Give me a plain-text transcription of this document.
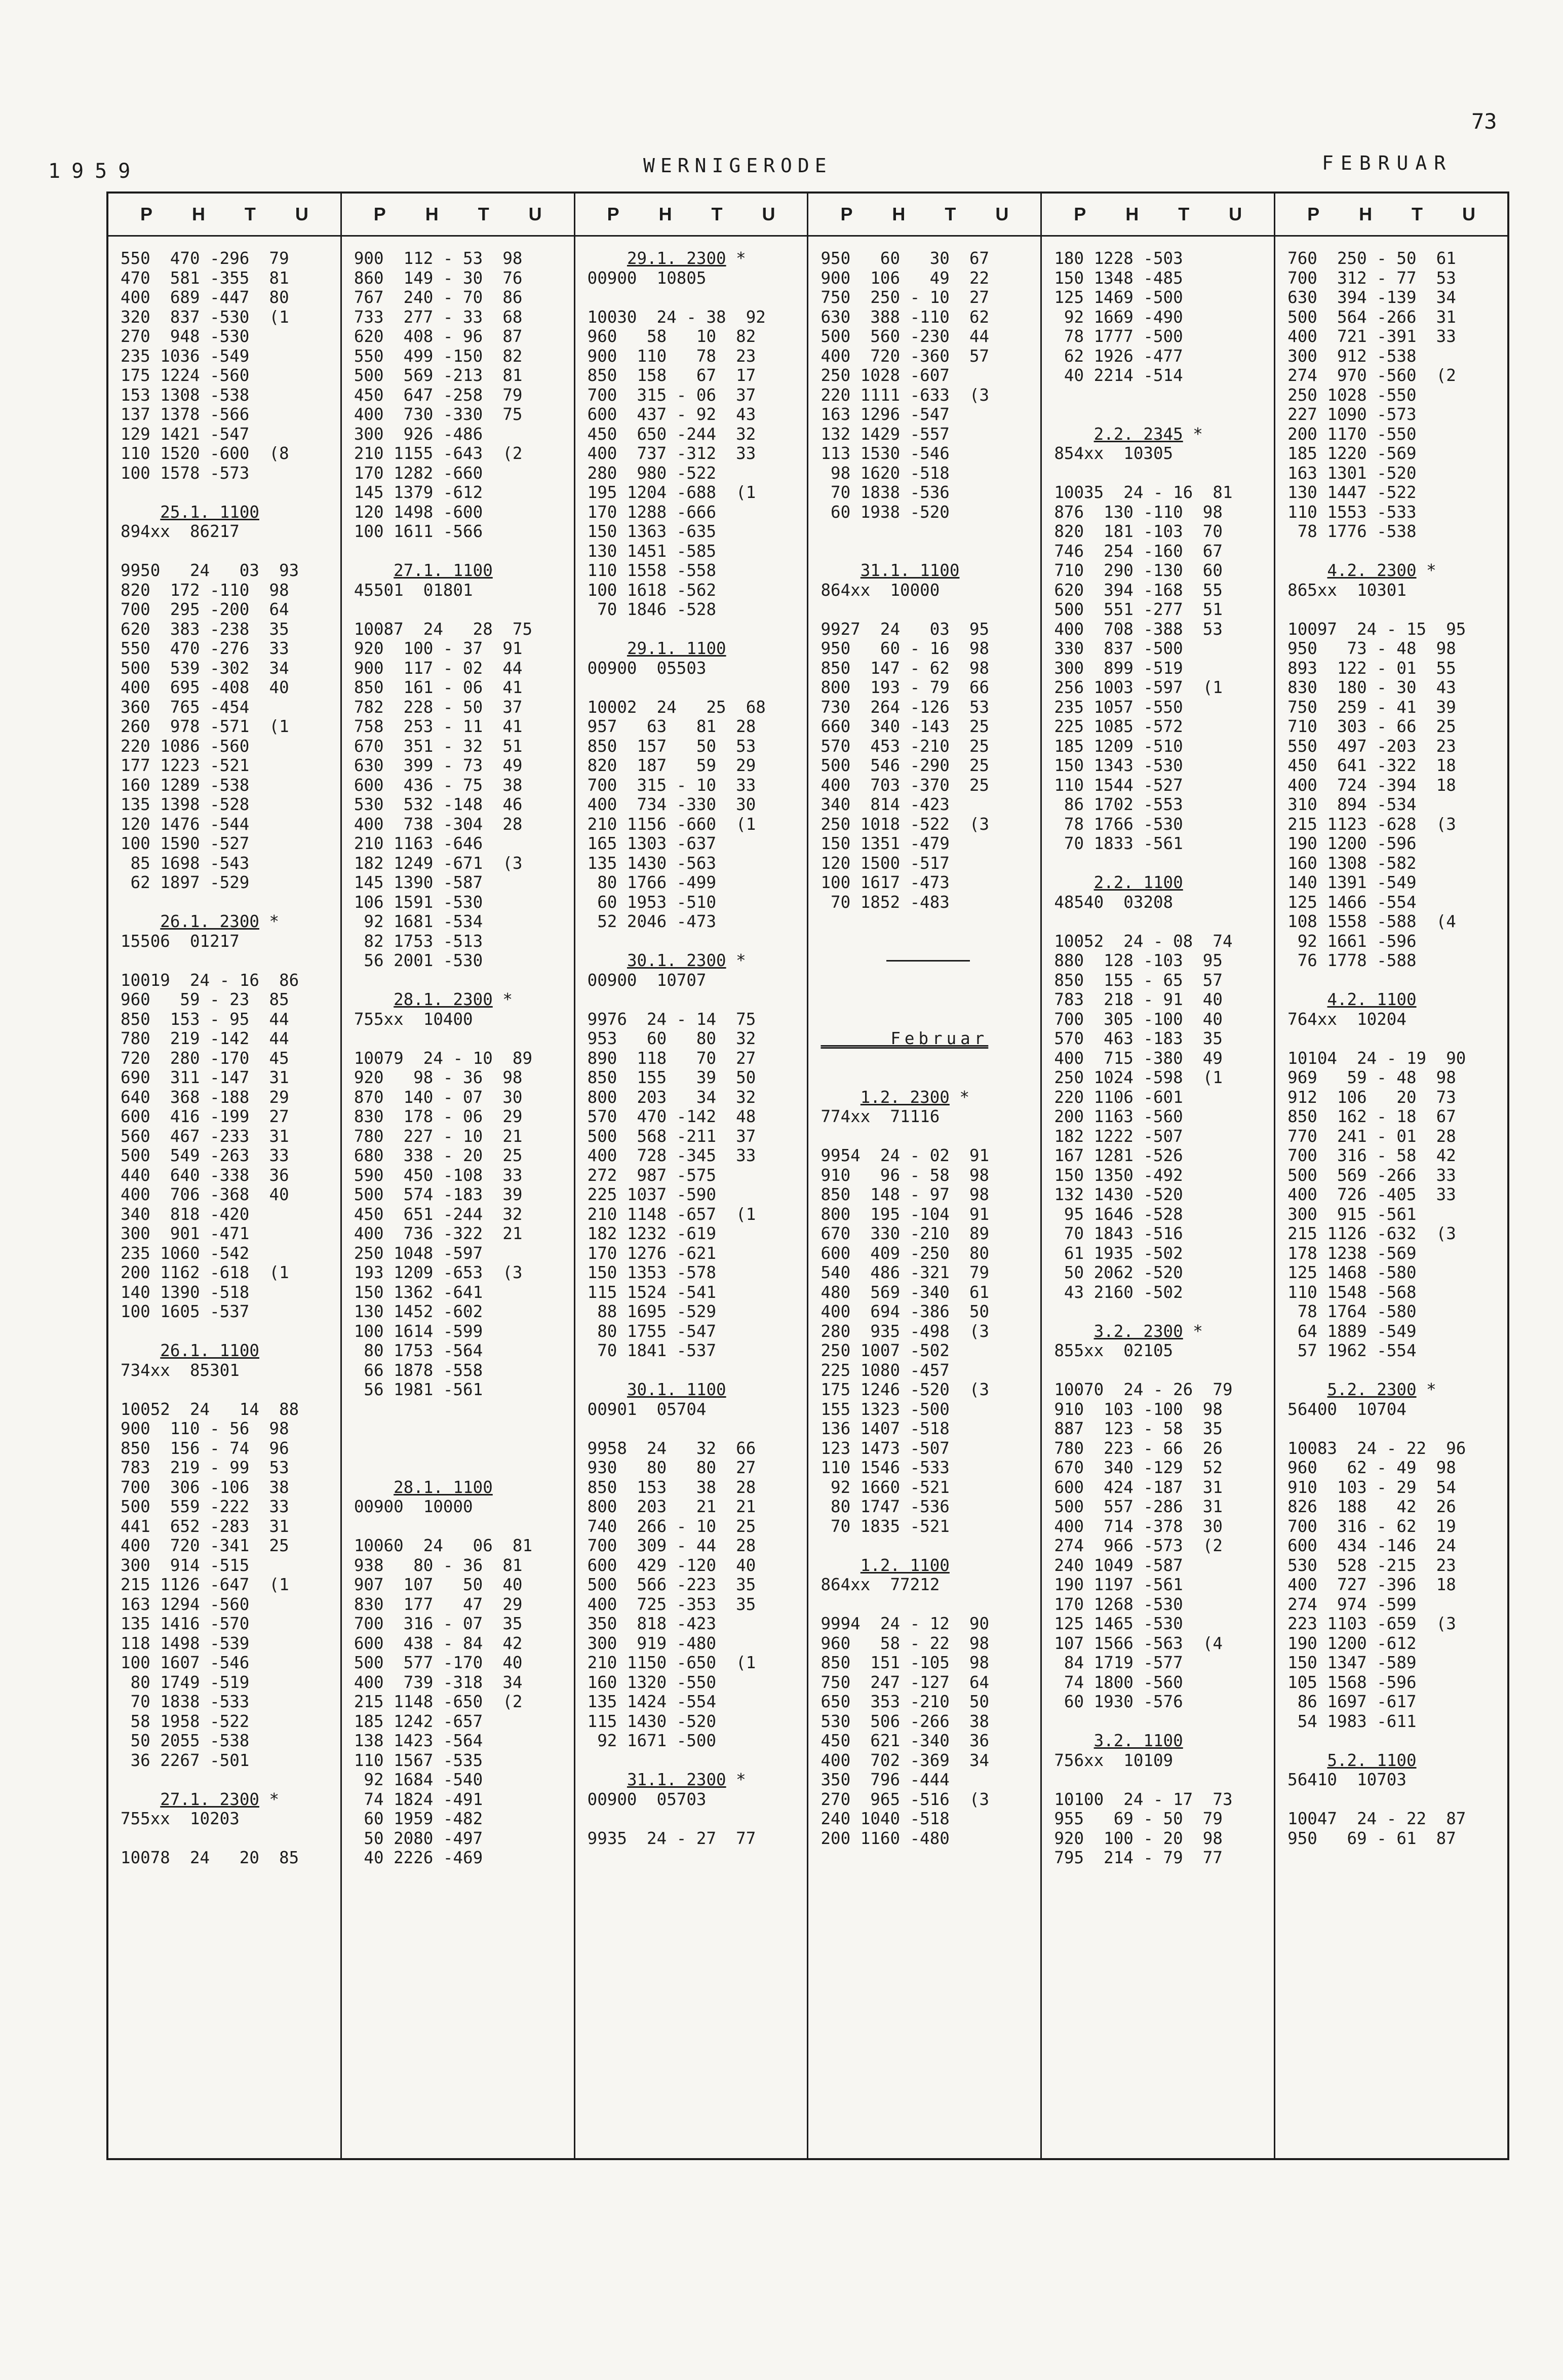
73
1959	WERNIGERODE	FEBRUAR
P H T U
550  470 -296  79
470  581 -355  81
400  689 -447  80
320  837 -530  (1
270  948 -530
235 1036 -549
175 1224 -560
153 1308 -538
137 1378 -566
129 1421 -547
110 1520 -600  (8
100 1578 -573
25.1. 1100
894xx  86217
9950   24   03  93
820  172 -110  98
700  295 -200  64
620  383 -238  35
550  470 -276  33
500  539 -302  34
400  695 -408  40
360  765 -454
260  978 -571  (1
220 1086 -560
177 1223 -521
160 1289 -538
135 1398 -528
120 1476 -544
100 1590 -527
85 1698 -543
62 1897 -529
26.1. 2300 *
15506  01217
10019  24 - 16  86
960   59 - 23  85
850  153 - 95  44
780  219 -142  44
720  280 -170  45
690  311 -147  31
640  368 -188  29
600  416 -199  27
560  467 -233  31
500  549 -263  33
440  640 -338  36
400  706 -368  40
340  818 -420
300  901 -471
235 1060 -542
200 1162 -618  (1
140 1390 -518
100 1605 -537
26.1. 1100
734xx  85301
10052  24   14  88
900  110 - 56  98
850  156 - 74  96
783  219 - 99  53
700  306 -106  38
500  559 -222  33
441  652 -283  31
400  720 -341  25
300  914 -515
215 1126 -647  (1
163 1294 -560
135 1416 -570
118 1498 -539
100 1607 -546
80 1749 -519
70 1838 -533
58 1958 -522
50 2055 -538
36 2267 -501
27.1. 2300 *
755xx  10203
10078  24   20  85
P H T U
900  112 - 53  98
860  149 - 30  76
767  240 - 70  86
733  277 - 33  68
620  408 - 96  87
550  499 -150  82
500  569 -213  81
450  647 -258  79
400  730 -330  75
300  926 -486
210 1155 -643  (2
170 1282 -660
145 1379 -612
120 1498 -600
100 1611 -566
27.1. 1100
45501  01801
10087  24   28  75
920  100 - 37  91
900  117 - 02  44
850  161 - 06  41
782  228 - 50  37
758  253 - 11  41
670  351 - 32  51
630  399 - 73  49
600  436 - 75  38
530  532 -148  46
400  738 -304  28
210 1163 -646
182 1249 -671  (3
145 1390 -587
106 1591 -530
92 1681 -534
82 1753 -513
56 2001 -530
28.1. 2300 *
755xx  10400
10079  24 - 10  89
920   98 - 36  98
870  140 - 07  30
830  178 - 06  29
780  227 - 10  21
680  338 - 20  25
590  450 -108  33
500  574 -183  39
450  651 -244  32
400  736 -322  21
250 1048 -597
193 1209 -653  (3
150 1362 -641
130 1452 -602
100 1614 -599
80 1753 -564
66 1878 -558
56 1981 -561
28.1. 1100
00900  10000
10060  24   06  81
938   80 - 36  81
907  107   50  40
830  177   47  29
700  316 - 07  35
600  438 - 84  42
500  577 -170  40
400  739 -318  34
215 1148 -650  (2
185 1242 -657
138 1423 -564
110 1567 -535
92 1684 -540
74 1824 -491
60 1959 -482
50 2080 -497
40 2226 -469
P H T U
29.1. 2300 *
00900  10805
10030  24 - 38  92
960   58   10  82
900  110   78  23
850  158   67  17
700  315 - 06  37
600  437 - 92  43
450  650 -244  32
400  737 -312  33
280  980 -522
195 1204 -688  (1
170 1288 -666
150 1363 -635
130 1451 -585
110 1558 -558
100 1618 -562
70 1846 -528
29.1. 1100
00900  05503
10002  24   25  68
957   63   81  28
850  157   50  53
820  187   59  29
700  315 - 10  33
400  734 -330  30
210 1156 -660  (1
165 1303 -637
135 1430 -563
80 1766 -499
60 1953 -510
52 2046 -473
30.1. 2300 *
00900  10707
9976  24 - 14  75
953   60   80  32
890  118   70  27
850  155   39  50
800  203   34  32
570  470 -142  48
500  568 -211  37
400  728 -345  33
272  987 -575
225 1037 -590
210 1148 -657  (1
182 1232 -619
170 1276 -621
150 1353 -578
115 1524 -541
88 1695 -529
80 1755 -547
70 1841 -537
30.1. 1100
00901  05704
9958  24   32  66
930   80   80  27
850  153   38  28
800  203   21  21
740  266 - 10  25
700  309 - 44  28
600  429 -120  40
500  566 -223  35
400  725 -353  35
350  818 -423
300  919 -480
210 1150 -650  (1
160 1320 -550
135 1424 -554
115 1430 -520
92 1671 -500
31.1. 2300 *
00900  05703
9935  24 - 27  77
P H T U
950   60   30  67
900  106   49  22
750  250 - 10  27
630  388 -110  62
500  560 -230  44
400  720 -360  57
250 1028 -607
220 1111 -633  (3
163 1296 -547
132 1429 -557
113 1530 -546
98 1620 -518
70 1838 -536
60 1938 -520
31.1. 1100
864xx  10000
9927  24   03  95
950   60 - 16  98
850  147 - 62  98
800  193 - 79  66
730  264 -126  53
660  340 -143  25
570  453 -210  25
500  546 -290  25
400  703 -370  25
340  814 -423
250 1018 -522  (3
150 1351 -479
120 1500 -517
100 1617 -473
70 1852 -483
Februar
1.2. 2300 *
774xx  71116
9954  24 - 02  91
910   96 - 58  98
850  148 - 97  98
800  195 -104  91
670  330 -210  89
600  409 -250  80
540  486 -321  79
480  569 -340  61
400  694 -386  50
280  935 -498  (3
250 1007 -502
225 1080 -457
175 1246 -520  (3
155 1323 -500
136 1407 -518
123 1473 -507
110 1546 -533
92 1660 -521
80 1747 -536
70 1835 -521
1.2. 1100
864xx  77212
9994  24 - 12  90
960   58 - 22  98
850  151 -105  98
750  247 -127  64
650  353 -210  50
530  506 -266  38
450  621 -340  36
400  702 -369  34
350  796 -444
270  965 -516  (3
240 1040 -518
200 1160 -480
P H T U
180 1228 -503
150 1348 -485
125 1469 -500
92 1669 -490
78 1777 -500
62 1926 -477
40 2214 -514
2.2. 2345 *
854xx  10305
10035  24 - 16  81
876  130 -110  98
820  181 -103  70
746  254 -160  67
710  290 -130  60
620  394 -168  55
500  551 -277  51
400  708 -388  53
330  837 -500
300  899 -519
256 1003 -597  (1
235 1057 -550
225 1085 -572
185 1209 -510
150 1343 -530
110 1544 -527
86 1702 -553
78 1766 -530
70 1833 -561
2.2. 1100
48540  03208
10052  24 - 08  74
880  128 -103  95
850  155 - 65  57
783  218 - 91  40
700  305 -100  40
570  463 -183  35
400  715 -380  49
250 1024 -598  (1
220 1106 -601
200 1163 -560
182 1222 -507
167 1281 -526
150 1350 -492
132 1430 -520
95 1646 -528
70 1843 -516
61 1935 -502
50 2062 -520
43 2160 -502
3.2. 2300 *
855xx  02105
10070  24 - 26  79
910  103 -100  98
887  123 - 58  35
780  223 - 66  26
670  340 -129  52
600  424 -187  31
500  557 -286  31
400  714 -378  30
274  966 -573  (2
240 1049 -587
190 1197 -561
170 1268 -530
125 1465 -530
107 1566 -563  (4
84 1719 -577
74 1800 -560
60 1930 -576
3.2. 1100
756xx  10109
10100  24 - 17  73
955   69 - 50  79
920  100 - 20  98
795  214 - 79  77
P H T U
760  250 - 50  61
700  312 - 77  53
630  394 -139  34
500  564 -266  31
400  721 -391  33
300  912 -538
274  970 -560  (2
250 1028 -550
227 1090 -573
200 1170 -550
185 1220 -569
163 1301 -520
130 1447 -522
110 1553 -533
78 1776 -538
4.2. 2300 *
865xx  10301
10097  24 - 15  95
950   73 - 48  98
893  122 - 01  55
830  180 - 30  43
750  259 - 41  39
710  303 - 66  25
550  497 -203  23
450  641 -322  18
400  724 -394  18
310  894 -534
215 1123 -628  (3
190 1200 -596
160 1308 -582
140 1391 -549
125 1466 -554
108 1558 -588  (4
92 1661 -596
76 1778 -588
4.2. 1100
764xx  10204
10104  24 - 19  90
969   59 - 48  98
912  106   20  73
850  162 - 18  67
770  241 - 01  28
700  316 - 58  42
500  569 -266  33
400  726 -405  33
300  915 -561
215 1126 -632  (3
178 1238 -569
125 1468 -580
110 1548 -568
78 1764 -580
64 1889 -549
57 1962 -554
5.2. 2300 *
56400  10704
10083  24 - 22  96
960   62 - 49  98
910  103 - 29  54
826  188   42  26
700  316 - 62  19
600  434 -146  24
530  528 -215  23
400  727 -396  18
274  974 -599
223 1103 -659  (3
190 1200 -612
150 1347 -589
105 1568 -596
86 1697 -617
54 1983 -611
5.2. 1100
56410  10703
10047  24 - 22  87
950   69 - 61  87
